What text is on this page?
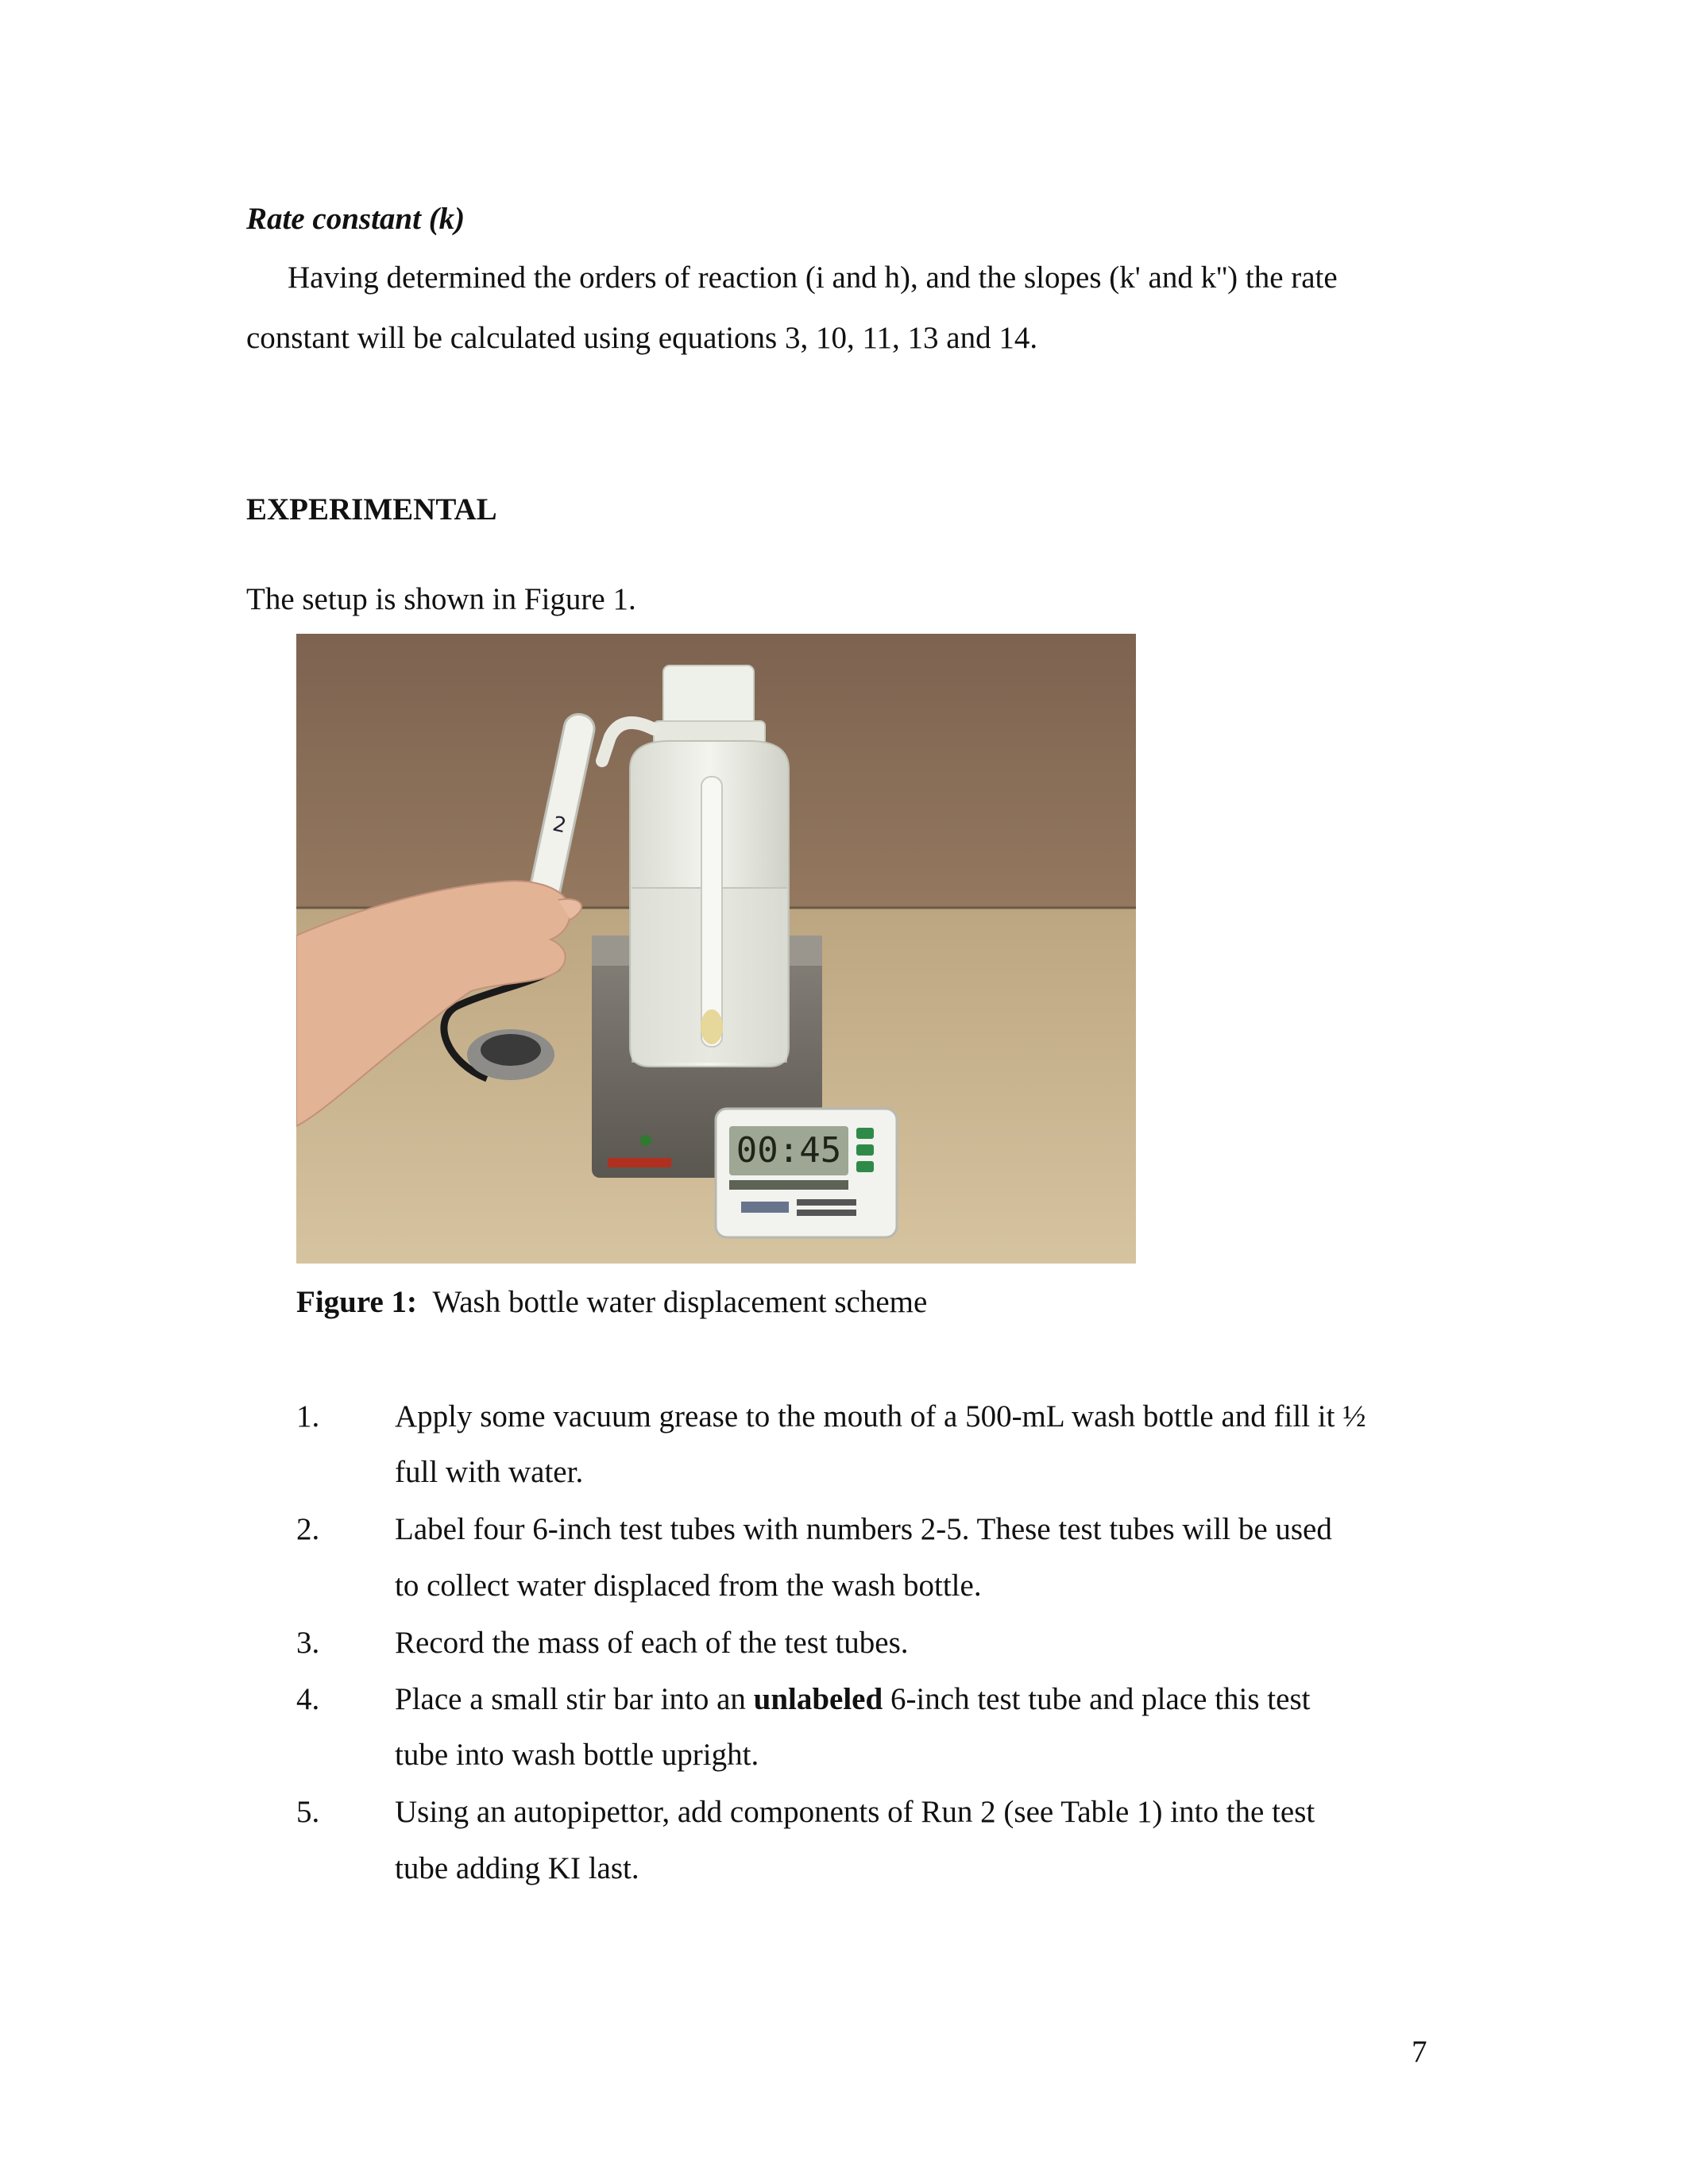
Rate constant (k)

Having determined the orders of reaction (i and h), and the slopes (k' and k'') the rate

constant will be calculated using equations 3, 10, 11, 13 and 14.

EXPERIMENTAL

The setup is shown in Figure 1.

2
00:45

Figure 1: Wash bottle water displacement scheme

1. Apply some vacuum grease to the mouth of a 500-mL wash bottle and fill it ½

full with water.

2. Label four 6-inch test tubes with numbers 2-5. These test tubes will be used

to collect water displaced from the wash bottle.

3. Record the mass of each of the test tubes.

4. Place a small stir bar into an unlabeled 6-inch test tube and place this test

tube into wash bottle upright.

5. Using an autopipettor, add components of Run 2 (see Table 1) into the test

tube adding KI last.

7
